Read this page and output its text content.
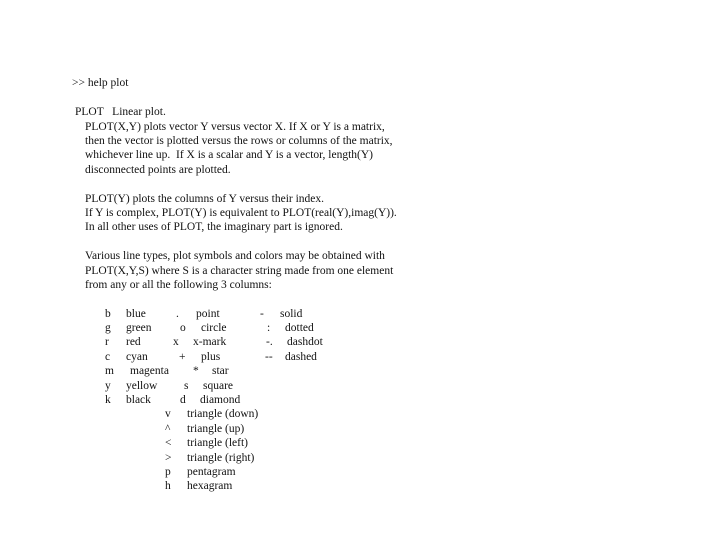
>> help plot
PLOT   Linear plot.
PLOT(X,Y) plots vector Y versus vector X. If X or Y is a matrix,
then the vector is plotted versus the rows or columns of the matrix,
whichever line up.  If X is a scalar and Y is a vector, length(Y)
disconnected points are plotted.
PLOT(Y) plots the columns of Y versus their index.
If Y is complex, PLOT(Y) is equivalent to PLOT(real(Y),imag(Y)).
In all other uses of PLOT, the imaginary part is ignored.
Various line types, plot symbols and colors may be obtained with
PLOT(X,Y,S) where S is a character string made from one element
from any or all the following 3 columns:
b blue
g green
r red
c cyan
m magenta
y yellow
k black
. point
o circle
x x-mark
+ plus
* star
s square
d diamond
v triangle (down)
^ triangle (up)
< triangle (left)
> triangle (right)
p pentagram
h hexagram
- solid
: dotted
-. dashdot
-- dashed
